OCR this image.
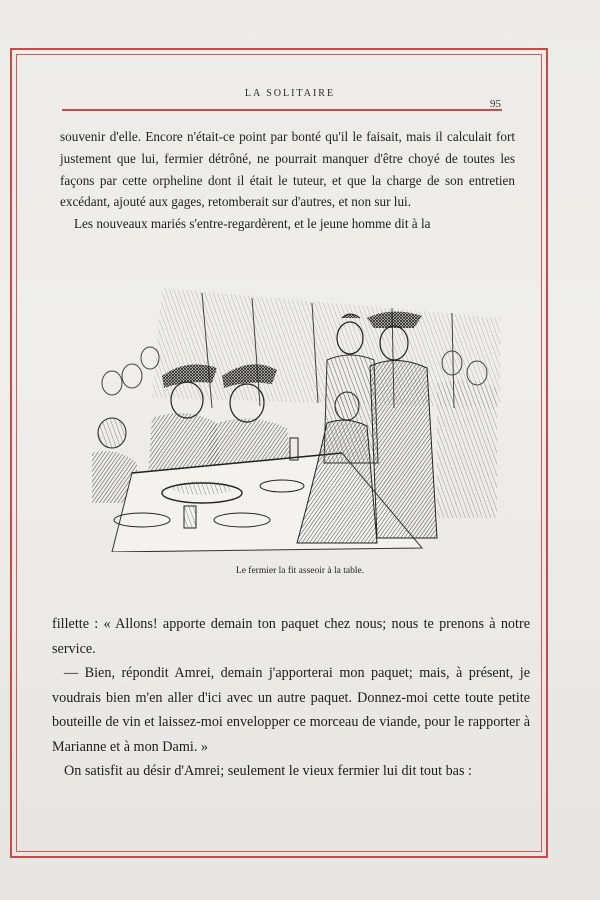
LA SOLITAIRE
95

souvenir d'elle. Encore n'était-ce point par bonté qu'il le faisait, mais il calculait fort justement que lui, fermier détrôné, ne pourrait manquer d'être choyé de toutes les façons par cette orpheline dont il était le tuteur, et que la charge de son entretien excédant, ajouté aux gages, retomberait sur d'autres, et non sur lui.

Les nouveaux mariés s'entre-regardèrent, et le jeune homme dit à la

Le fermier la fit asseoir à la table.

fillette : « Allons! apporte demain ton paquet chez nous; nous te prenons à notre service.

— Bien, répondit Amrei, demain j'apporterai mon paquet; mais, à présent, je voudrais bien m'en aller d'ici avec un autre paquet. Donnez-moi cette toute petite bouteille de vin et laissez-moi envelopper ce morceau de viande, pour le rapporter à Marianne et à mon Dami. »

On satisfit au désir d'Amrei; seulement le vieux fermier lui dit tout bas :
